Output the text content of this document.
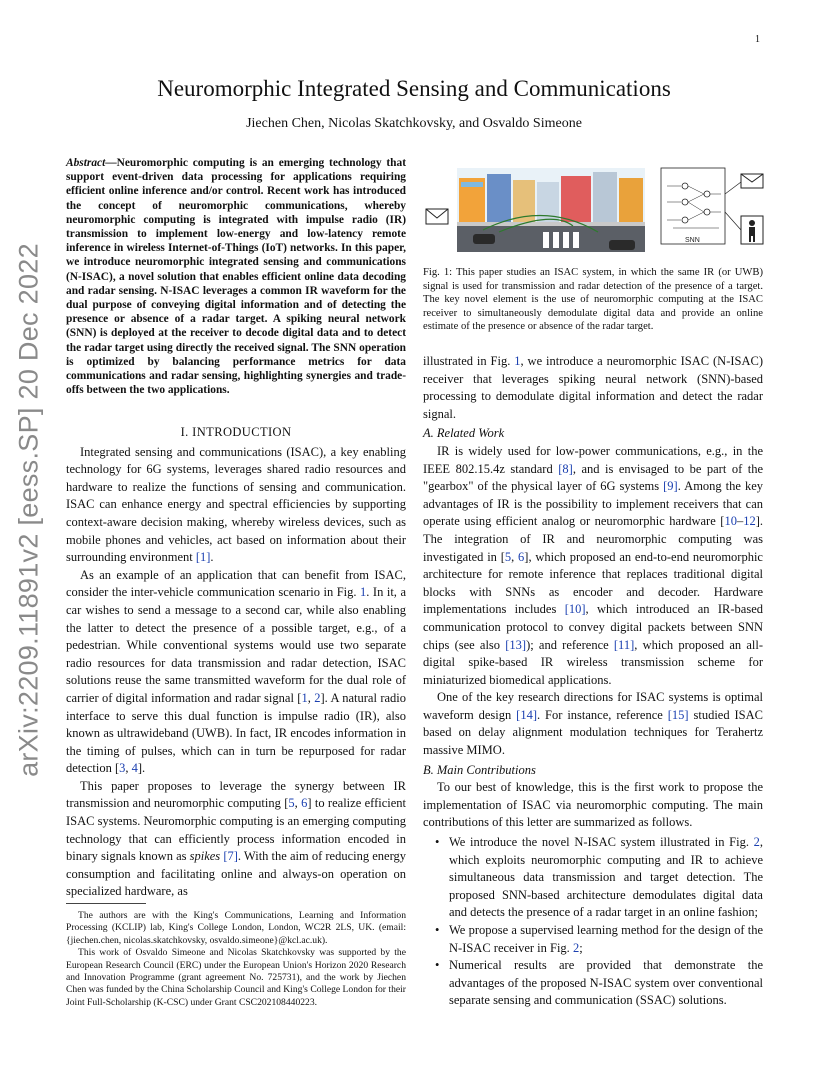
1
Neuromorphic Integrated Sensing and Communications
Jiechen Chen, Nicolas Skatchkovsky, and Osvaldo Simeone
arXiv:2209.11891v2 [eess.SP] 20 Dec 2022
Abstract—Neuromorphic computing is an emerging technology that support event-driven data processing for applications requiring efficient online inference and/or control. Recent work has introduced the concept of neuromorphic communications, whereby neuromorphic computing is integrated with impulse radio (IR) transmission to implement low-energy and low-latency remote inference in wireless Internet-of-Things (IoT) networks. In this paper, we introduce neuromorphic integrated sensing and communications (N-ISAC), a novel solution that enables efficient online data decoding and radar sensing. N-ISAC leverages a common IR waveform for the dual purpose of conveying digital information and of detecting the presence or absence of a radar target. A spiking neural network (SNN) is deployed at the receiver to decode digital data and to detect the radar target using directly the received signal. The SNN operation is optimized by balancing performance metrics for data communications and radar sensing, highlighting synergies and trade-offs between the two applications.
I. INTRODUCTION

Integrated sensing and communications (ISAC), a key enabling technology for 6G systems, leverages shared radio resources and hardware to realize the functions of sensing and communication. ISAC can enhance energy and spectral efficiencies by supporting context-aware decision making, whereby wireless devices, such as mobile phones and vehicles, act based on information about their surrounding environment [1].

As an example of an application that can benefit from ISAC, consider the inter-vehicle communication scenario in Fig. 1. In it, a car wishes to send a message to a second car, while also enabling the latter to detect the presence of a possible target, e.g., of a pedestrian. While conventional systems would use two separate radio resources for data transmission and radar detection, ISAC solutions reuse the same transmitted waveform for the dual role of carrier of digital information and radar signal [1, 2]. A natural radio interface to serve this dual function is impulse radio (IR), also known as ultrawideband (UWB). In fact, IR encodes information in the timing of pulses, which can in turn be repurposed for radar detection [3, 4].

This paper proposes to leverage the synergy between IR transmission and neuromorphic computing [5, 6] to realize efficient ISAC systems. Neuromorphic computing is an emerging computing technology that can efficiently process information encoded in binary signals known as spikes [7]. With the aim of reducing energy consumption and facilitating online and always-on operation on specialized hardware, as

The authors are with the King's Communications, Learning and Information Processing (KCLIP) lab, King's College London, London, WC2R 2LS, UK. (email:{jiechen.chen, nicolas.skatchkovsky, osvaldo.simeone}@kcl.ac.uk).

This work of Osvaldo Simeone and Nicolas Skatchkovsky was supported by the European Research Council (ERC) under the European Union's Horizon 2020 Research and Innovation Programme (grant agreement No. 725731), and the work by Jiechen Chen was funded by the China Scholarship Council and King's College London for their Joint Full-Scholarship (K-CSC) under Grant CSC202108440223.

SNN
Fig. 1: This paper studies an ISAC system, in which the same IR (or UWB) signal is used for transmission and radar detection of the presence of a target. The key novel element is the use of neuromorphic computing at the ISAC receiver to simultaneously demodulate digital data and provide an online estimate of the presence or absence of the radar target.
illustrated in Fig. 1, we introduce a neuromorphic ISAC (N-ISAC) receiver that leverages spiking neural network (SNN)-based processing to demodulate digital information and detect the radar signal.
A. Related Work

IR is widely used for low-power communications, e.g., in the IEEE 802.15.4z standard [8], and is envisaged to be part of the "gearbox" of the physical layer of 6G systems [9]. Among the key advantages of IR is the possibility to implement receivers that can operate using efficient analog or neuromorphic hardware [10–12]. The integration of IR and neuromorphic computing was investigated in [5, 6], which proposed an end-to-end neuromorphic architecture for remote inference that replaces traditional digital blocks with SNNs as encoder and decoder. Hardware implementations includes [10], which introduced an IR-based communication protocol to convey digital packets between SNN chips (see also [13]); and reference [11], which proposed an all-digital spike-based IR wireless transmission scheme for miniaturized biomedical applications.

One of the key research directions for ISAC systems is optimal waveform design [14]. For instance, reference [15] studied ISAC based on delay alignment modulation techniques for Terahertz massive MIMO.

B. Main Contributions

To our best of knowledge, this is the first work to propose the implementation of ISAC via neuromorphic computing. The main contributions of this letter are summarized as follows.

• We introduce the novel N-ISAC system illustrated in Fig. 2, which exploits neuromorphic computing and IR to achieve simultaneous data transmission and target detection. The proposed SNN-based architecture demodulates digital data and detects the presence of a radar target in an online fashion;
• We propose a supervised learning method for the design of the N-ISAC receiver in Fig. 2;
• Numerical results are provided that demonstrate the advantages of the proposed N-ISAC system over conventional separate sensing and communication (SSAC) solutions.
